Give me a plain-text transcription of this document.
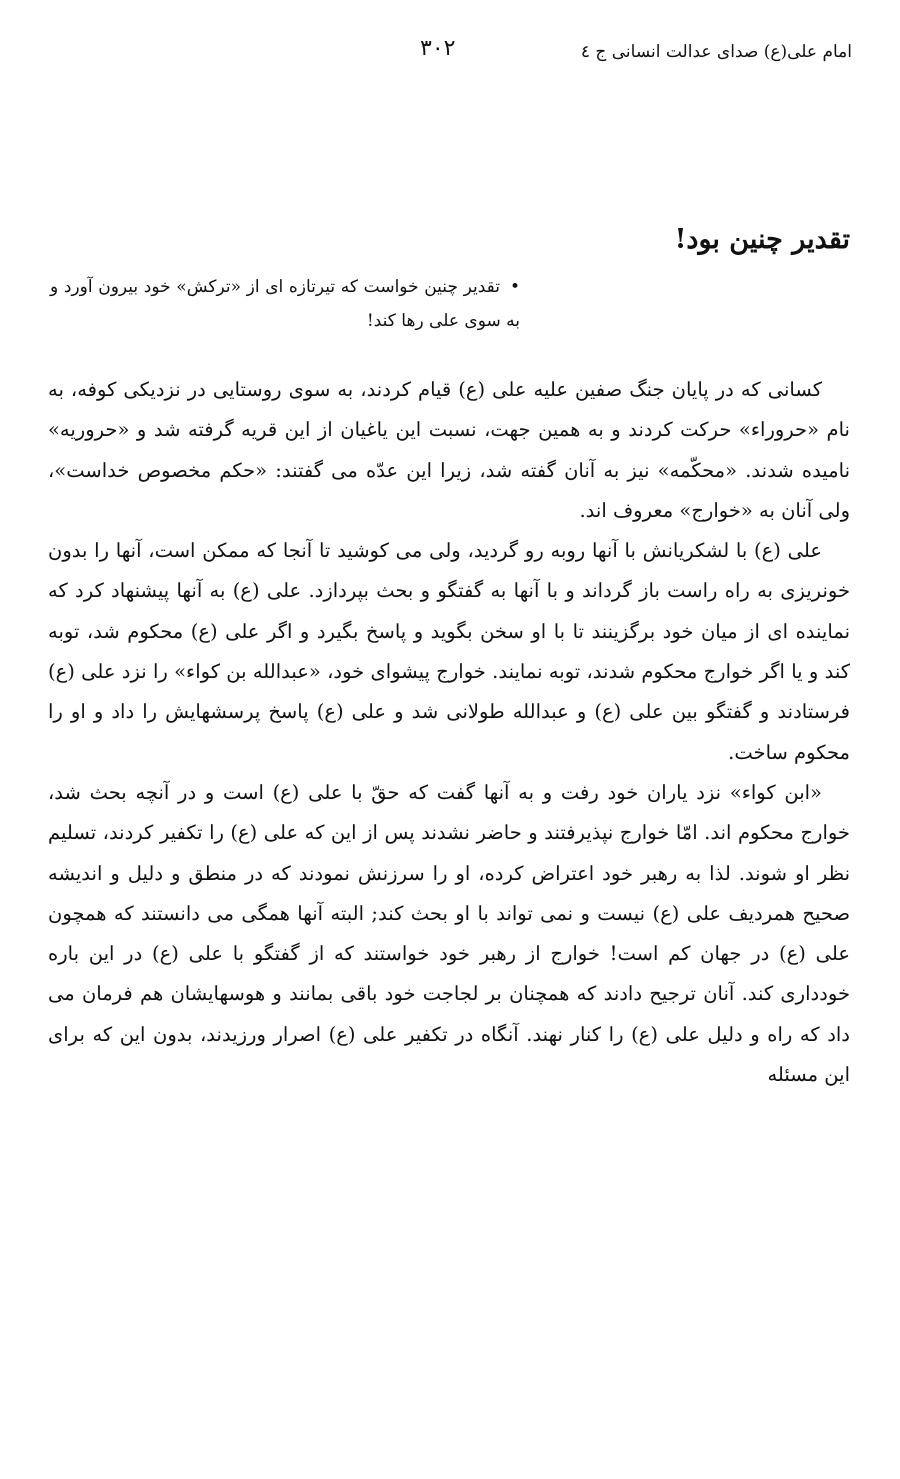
امام علی(ع) صدای عدالت انسانی ج ٤
٣٠٢
تقدیر چنین بود!
•تقدیر چنین خواست که تیرتازه ای از «ترکش» خود بیرون آورد و به سوی علی رها کند!

کسانی که در پایان جنگ صفین علیه علی (ع) قیام کردند، به سوی روستایی در نزدیکی کوفه، به نام «حروراء» حرکت کردند و به همین جهت، نسبت این یاغیان از این قریه گرفته شد و «حروریه» نامیده شدند. «محکّمه» نیز به آنان گفته شد، زیرا این عدّه می گفتند: «حکم مخصوص خداست»، ولی آنان به «خوارج» معروف اند.

علی (ع) با لشکریانش با آنها روبه رو گردید، ولی می کوشید تا آنجا که ممکن است، آنها را بدون خونریزی به راه راست باز گرداند و با آنها به گفتگو و بحث بپردازد. علی (ع) به آنها پیشنهاد کرد که نماینده ای از میان خود برگزینند تا با او سخن بگوید و پاسخ بگیرد و اگر علی (ع) محکوم شد، توبه کند و یا اگر خوارج محکوم شدند، توبه نمایند. خوارج پیشوای خود، «عبدالله بن کواء» را نزد علی (ع) فرستادند و گفتگو بین علی (ع) و عبدالله طولانی شد و علی (ع) پاسخ پرسشهایش را داد و او را محکوم ساخت.

«ابن کواء» نزد یاران خود رفت و به آنها گفت که حقّ با علی (ع) است و در آنچه بحث شد، خوارج محکوم اند. امّا خوارج نپذیرفتند و حاضر نشدند پس از این که علی (ع) را تکفیر کردند، تسلیم نظر او شوند. لذا به رهبر خود اعتراض کرده، او را سرزنش نمودند که در منطق و دلیل و اندیشه صحیح همردیف علی (ع) نیست و نمی تواند با او بحث کند; البته آنها همگی می دانستند که همچون علی (ع) در جهان کم است! خوارج از رهبر خود خواستند که از گفتگو با علی (ع) در این باره خودداری کند. آنان ترجیح دادند که همچنان بر لجاجت خود باقی بمانند و هوسهایشان هم فرمان می داد که راه و دلیل علی (ع) را کنار نهند. آنگاه در تکفیر علی (ع) اصرار ورزیدند، بدون این که برای این مسئله
